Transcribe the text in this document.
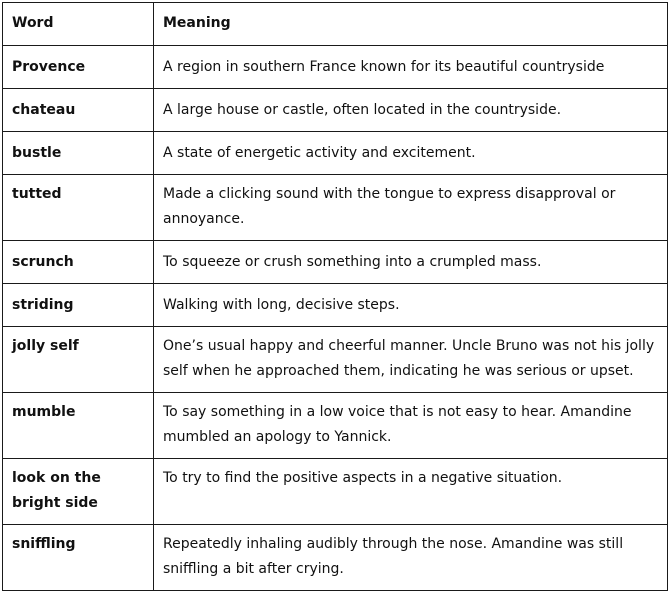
Word	Meaning
Provence	A region in southern France known for its beautiful countryside
chateau	A large house or castle, often located in the countryside.
bustle	A state of energetic activity and excitement.
tutted	Made a clicking sound with the tongue to express disapproval or annoyance.
scrunch	To squeeze or crush something into a crumpled mass.
striding	Walking with long, decisive steps.
jolly self	One’s usual happy and cheerful manner. Uncle Bruno was not his jolly self when he approached them, indicating he was serious or upset.
mumble	To say something in a low voice that is not easy to hear. Amandine mumbled an apology to Yannick.
look on the bright side	To try to find the positive aspects in a negative situation.
sniffling	Repeatedly inhaling audibly through the nose. Amandine was still sniffling a bit after crying.
